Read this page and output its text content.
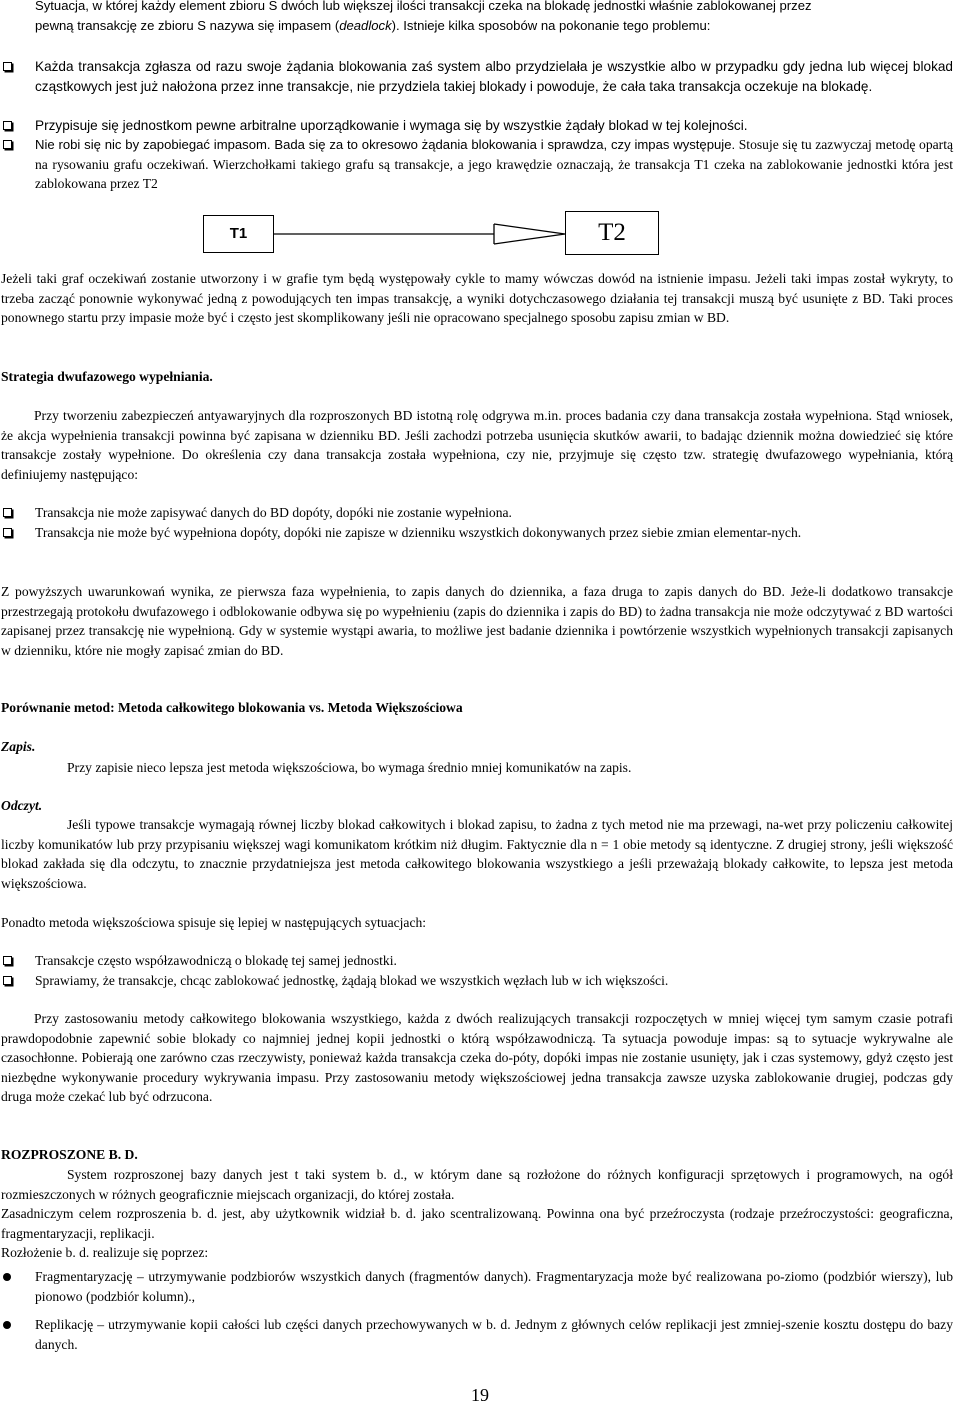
Sytuacja, w której każdy element zbioru S dwóch lub większej ilości transakcji czeka na blokadę jednostki właśnie zablokowanej przez

pewną transakcję ze zbioru S nazywa się impasem (deadlock). Istnieje kilka sposobów na pokonanie tego problemu:

Każda transakcja zgłasza od razu swoje żądania blokowania zaś system albo przydzielała je wszystkie albo w przypadku gdy jedna lub więcej blokad cząstkowych jest już nałożona przez inne transakcje, nie przydziela takiej blokady i powoduje, że cała taka transakcja oczekuje na blokadę.

Przypisuje się jednostkom pewne arbitralne uporządkowanie i wymaga się by wszystkie żądały blokad w tej kolejności.

Nie robi się nic by zapobiegać impasom. Bada się za to okresowo żądania blokowania i sprawdza, czy impas występuje. Stosuje się tu zazwyczaj metodę opartą na rysowaniu grafu oczekiwań. Wierzchołkami takiego grafu są transakcje, a jego krawędzie oznaczają, że transakcja T1 czeka na zablokowanie jednostki która jest zablokowana przez T2

T1	T2

Jeżeli taki graf oczekiwań zostanie utworzony i w grafie tym będą występowały cykle to mamy wówczas dowód na istnienie impasu. Jeżeli taki impas został wykryty, to trzeba zacząć ponownie wykonywać jedną z powodujących ten impas transakcję, a wyniki dotychczasowego działania tej transakcji muszą być usunięte z BD. Taki proces ponownego startu przy impasie może być i często jest skomplikowany jeśli nie opracowano specjalnego sposobu zapisu zmian w BD.

Strategia dwufazowego wypełniania.

Przy tworzeniu zabezpieczeń antyawaryjnych dla rozproszonych BD istotną rolę odgrywa m.in. proces badania czy dana transakcja została wypełniona. Stąd wniosek, że akcja wypełnienia transakcji powinna być zapisana w dzienniku BD. Jeśli zachodzi potrzeba usunięcia skutków awarii, to badając dziennik można dowiedzieć się które transakcje zostały wypełnione. Do określenia czy dana transakcja została wypełniona, czy nie, przyjmuje się często tzw. strategię dwufazowego wypełniania, którą definiujemy następująco:

Transakcja nie może zapisywać danych do BD dopóty, dopóki nie zostanie wypełniona.

Transakcja nie może być wypełniona dopóty, dopóki nie zapisze w dzienniku wszystkich dokonywanych przez siebie zmian elementar-nych.

Z powyższych uwarunkowań wynika, ze pierwsza faza wypełnienia, to zapis danych do dziennika, a faza druga to zapis danych do BD. Jeże-li dodatkowo transakcje przestrzegają protokołu dwufazowego i odblokowanie odbywa się po wypełnieniu (zapis do dziennika i zapis do BD) to żadna transakcja nie może odczytywać z BD wartości zapisanej przez transakcję nie wypełnioną. Gdy w systemie wystąpi awaria, to możliwe jest badanie dziennika i powtórzenie wszystkich wypełnionych transakcji zapisanych w dzienniku, które nie mogły zapisać zmian do BD.

Porównanie metod: Metoda całkowitego blokowania vs. Metoda Większościowa

Zapis.

Przy zapisie nieco lepsza jest metoda większościowa, bo wymaga średnio mniej komunikatów na zapis.

Odczyt.

Jeśli typowe transakcje wymagają równej liczby blokad całkowitych i blokad zapisu, to żadna z tych metod nie ma przewagi, na-wet przy policzeniu całkowitej liczby komunikatów lub przy przypisaniu większej wagi komunikatom krótkim niż długim. Faktycznie dla n = 1 obie metody są identyczne. Z drugiej strony, jeśli większość blokad zakłada się dla odczytu, to znacznie przydatniejsza jest metoda całkowitego blokowania wszystkiego a jeśli przeważają blokady całkowite, to lepsza jest metoda większościowa.

Ponadto metoda większościowa spisuje się lepiej w następujących sytuacjach:

Transakcje często współzawodniczą o blokadę tej samej jednostki.

Sprawiamy, że transakcje, chcąc zablokować jednostkę, żądają blokad we wszystkich węzłach lub w ich większości.

Przy zastosowaniu metody całkowitego blokowania wszystkiego, każda z dwóch realizujących transakcji rozpoczętych w mniej więcej tym samym czasie potrafi prawdopodobnie zapewnić sobie blokady co najmniej jednej kopii jednostki o którą współzawodniczą. Ta sytuacja powoduje impas: są to sytuacje wykrywalne ale czasochłonne. Pobierają one zarówno czas rzeczywisty, ponieważ każda transakcja czeka do-póty, dopóki impas nie zostanie usunięty, jak i czas systemowy, gdyż często jest niezbędne wykonywanie procedury wykrywania impasu. Przy zastosowaniu metody większościowej jedna transakcja zawsze uzyska zablokowanie drugiej, podczas gdy druga może czekać lub być odrzucona.

ROZPROSZONE B. D.

System rozproszonej bazy danych jest t taki system b. d., w którym dane są rozłożone do różnych konfiguracji sprzętowych i programowych, na ogół rozmieszczonych w różnych geograficznie miejscach organizacji, do której została.

Zasadniczym celem rozproszenia b. d. jest, aby użytkownik widział b. d. jako scentralizowaną. Powinna ona być przeźroczysta (rodzaje przeźroczystości: geograficzna, fragmentaryzacji, replikacji.

Rozłożenie b. d. realizuje się poprzez:

Fragmentaryzację – utrzymywanie podzbiorów wszystkich danych (fragmentów danych). Fragmentaryzacja może być realizowana po-ziomo (podzbiór wierszy), lub pionowo (podzbiór kolumn).,

Replikację – utrzymywanie kopii całości lub części danych przechowywanych w b. d. Jednym z głównych celów replikacji jest zmniej-szenie kosztu dostępu do bazy danych.

19
